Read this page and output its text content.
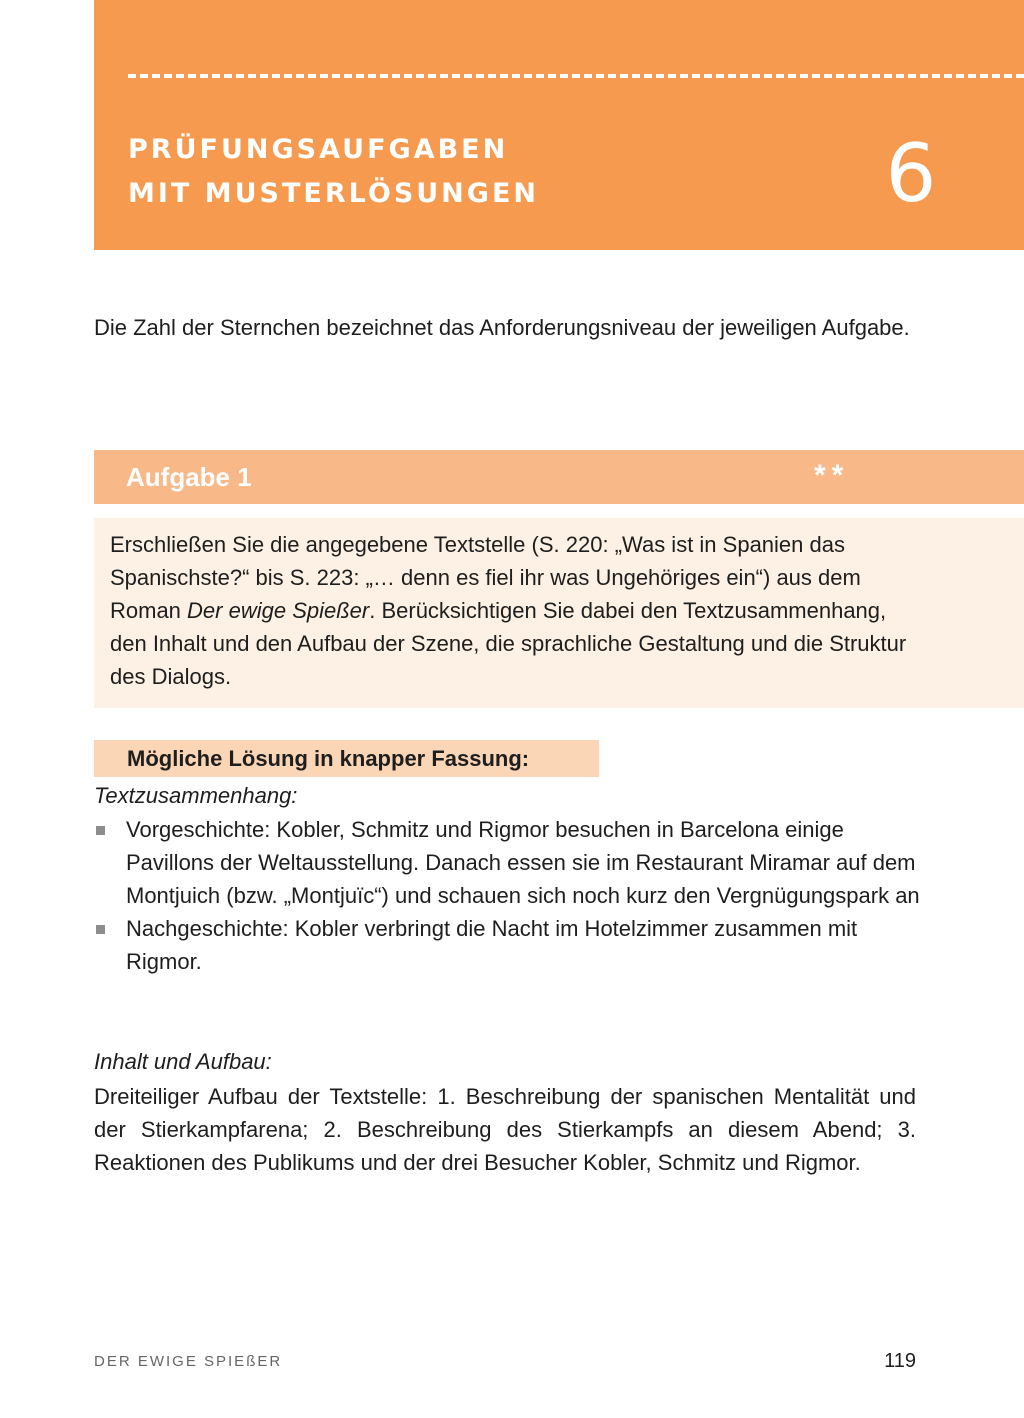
PRÜFUNGSAUFGABEN
MIT MUSTERLÖSUNGEN	6

Die Zahl der Sternchen bezeichnet das Anforderungsniveau der jeweiligen Aufgabe.

Aufgabe 1	**

Erschließen Sie die angegebene Textstelle (S. 220: „Was ist in Spanien das Spanischste?“ bis S. 223: „… denn es fiel ihr was Ungehöriges ein“) aus dem Roman Der ewige Spießer. Berücksichtigen Sie dabei den Textzusammenhang, den Inhalt und den Aufbau der Szene, die sprachliche Gestaltung und die Struktur des Dialogs.

Mögliche Lösung in knapper Fassung:
Textzusammenhang:
Vorgeschichte: Kobler, Schmitz und Rigmor besuchen in Barcelona einige Pavillons der Weltausstellung. Danach essen sie im Restaurant Miramar auf dem Montjuich (bzw. „Montjuïc“) und schauen sich noch kurz den Vergnügungspark an
Nachgeschichte: Kobler verbringt die Nacht im Hotelzimmer zusammen mit Rigmor.
Inhalt und Aufbau:

Dreiteiliger Aufbau der Textstelle: 1. Beschreibung der spanischen Mentalität und der Stierkampfarena; 2. Beschreibung des Stierkampfs an diesem Abend; 3. Reaktionen des Publikums und der drei Besucher Kobler, Schmitz und Rigmor.

DER EWIGE SPIEßER	119
